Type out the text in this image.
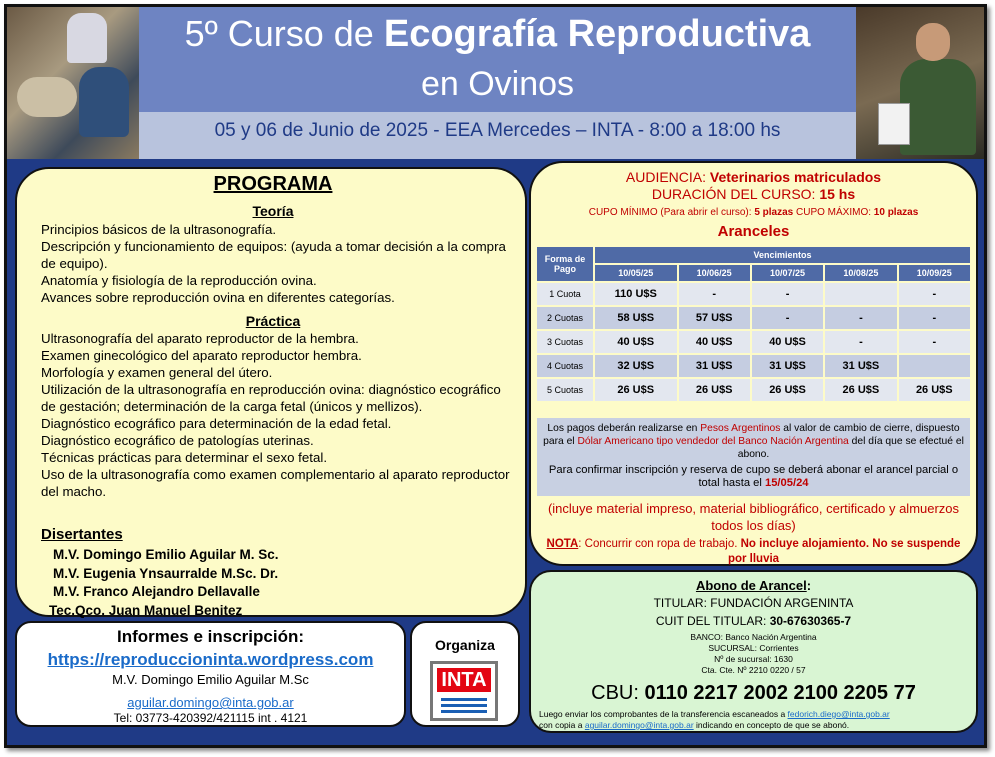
5º Curso de Ecografía Reproductiva
en Ovinos
05 y 06 de Junio de 2025 - EEA Mercedes – INTA - 8:00 a 18:00 hs
PROGRAMA
Teoría
Principios básicos de la ultrasonografía.
Descripción y funcionamiento de equipos: (ayuda a tomar decisión a la compra de equipo).
Anatomía y fisiología de la reproducción ovina.
Avances sobre reproducción ovina en diferentes categorías.
Práctica
Ultrasonografía del aparato reproductor de la hembra.
Examen ginecológico del aparato reproductor hembra.
Morfología y examen general del útero.
Utilización de la ultrasonografía en reproducción ovina: diagnóstico ecográfico de gestación; determinación de la carga fetal (únicos y mellizos).
Diagnóstico ecográfico para determinación de la edad fetal.
Diagnóstico ecográfico de patologías uterinas.
Técnicas prácticas para determinar el sexo fetal.
Uso de la ultrasonografía como examen complementario al aparato reproductor del macho.
Disertantes
M.V. Domingo Emilio Aguilar M. Sc.
M.V. Eugenia Ynsaurralde M.Sc. Dr.
M.V. Franco Alejandro Dellavalle
Tec.Qco. Juan Manuel Benitez
AUDIENCIA: Veterinarios matriculados
DURACIÓN DEL CURSO: 15 hs
CUPO MÍNIMO (Para abrir el curso): 5 plazas CUPO MÁXIMO: 10 plazas
Aranceles
Forma de Pago	Vencimientos				
	10/05/25	10/06/25	10/07/25	10/08/25	10/09/25
1 Cuota	110 U$S	-	-		-
2 Cuotas	58 U$S	57 U$S	-	-	-
3 Cuotas	40 U$S	40 U$S	40 U$S	-	-
4 Cuotas	32 U$S	31 U$S	31 U$S	31 U$S	
5 Cuotas	26 U$S	26 U$S	26 U$S	26 U$S	26 U$S
Los pagos deberán realizarse en Pesos Argentinos al valor de cambio de cierre, dispuesto para el Dólar Americano tipo vendedor del Banco Nación Argentina del día que se efectué el abono.
Para confirmar inscripción y reserva de cupo se deberá abonar el arancel parcial o total hasta el 15/05/24
(incluye material impreso, material bibliográfico, certificado y almuerzos todos los días)
NOTA: Concurrir con ropa de trabajo. No incluye alojamiento. No se suspende por lluvia
Abono de Arancel:
TITULAR: FUNDACIÓN ARGENINTA
CUIT DEL TITULAR: 30-67630365-7
BANCO: Banco Nación Argentina
SUCURSAL: Corrientes
Nº de sucursal: 1630
Cta. Cte. Nº 2210 0220 / 57
CBU: 0110 2217 2002 2100 2205 77
Luego enviar los comprobantes de la transferencia escaneados a fedorich.diego@inta.gob.ar
con copia a aguilar.domingo@inta.gob.ar indicando en concepto de que se abonó.
Informes e inscripción:
https://reproduccioninta.wordpress.com
M.V. Domingo Emilio Aguilar M.Sc
aguilar.domingo@inta.gob.ar
Tel: 03773-420392/421115 int . 4121
Organiza
INTA
